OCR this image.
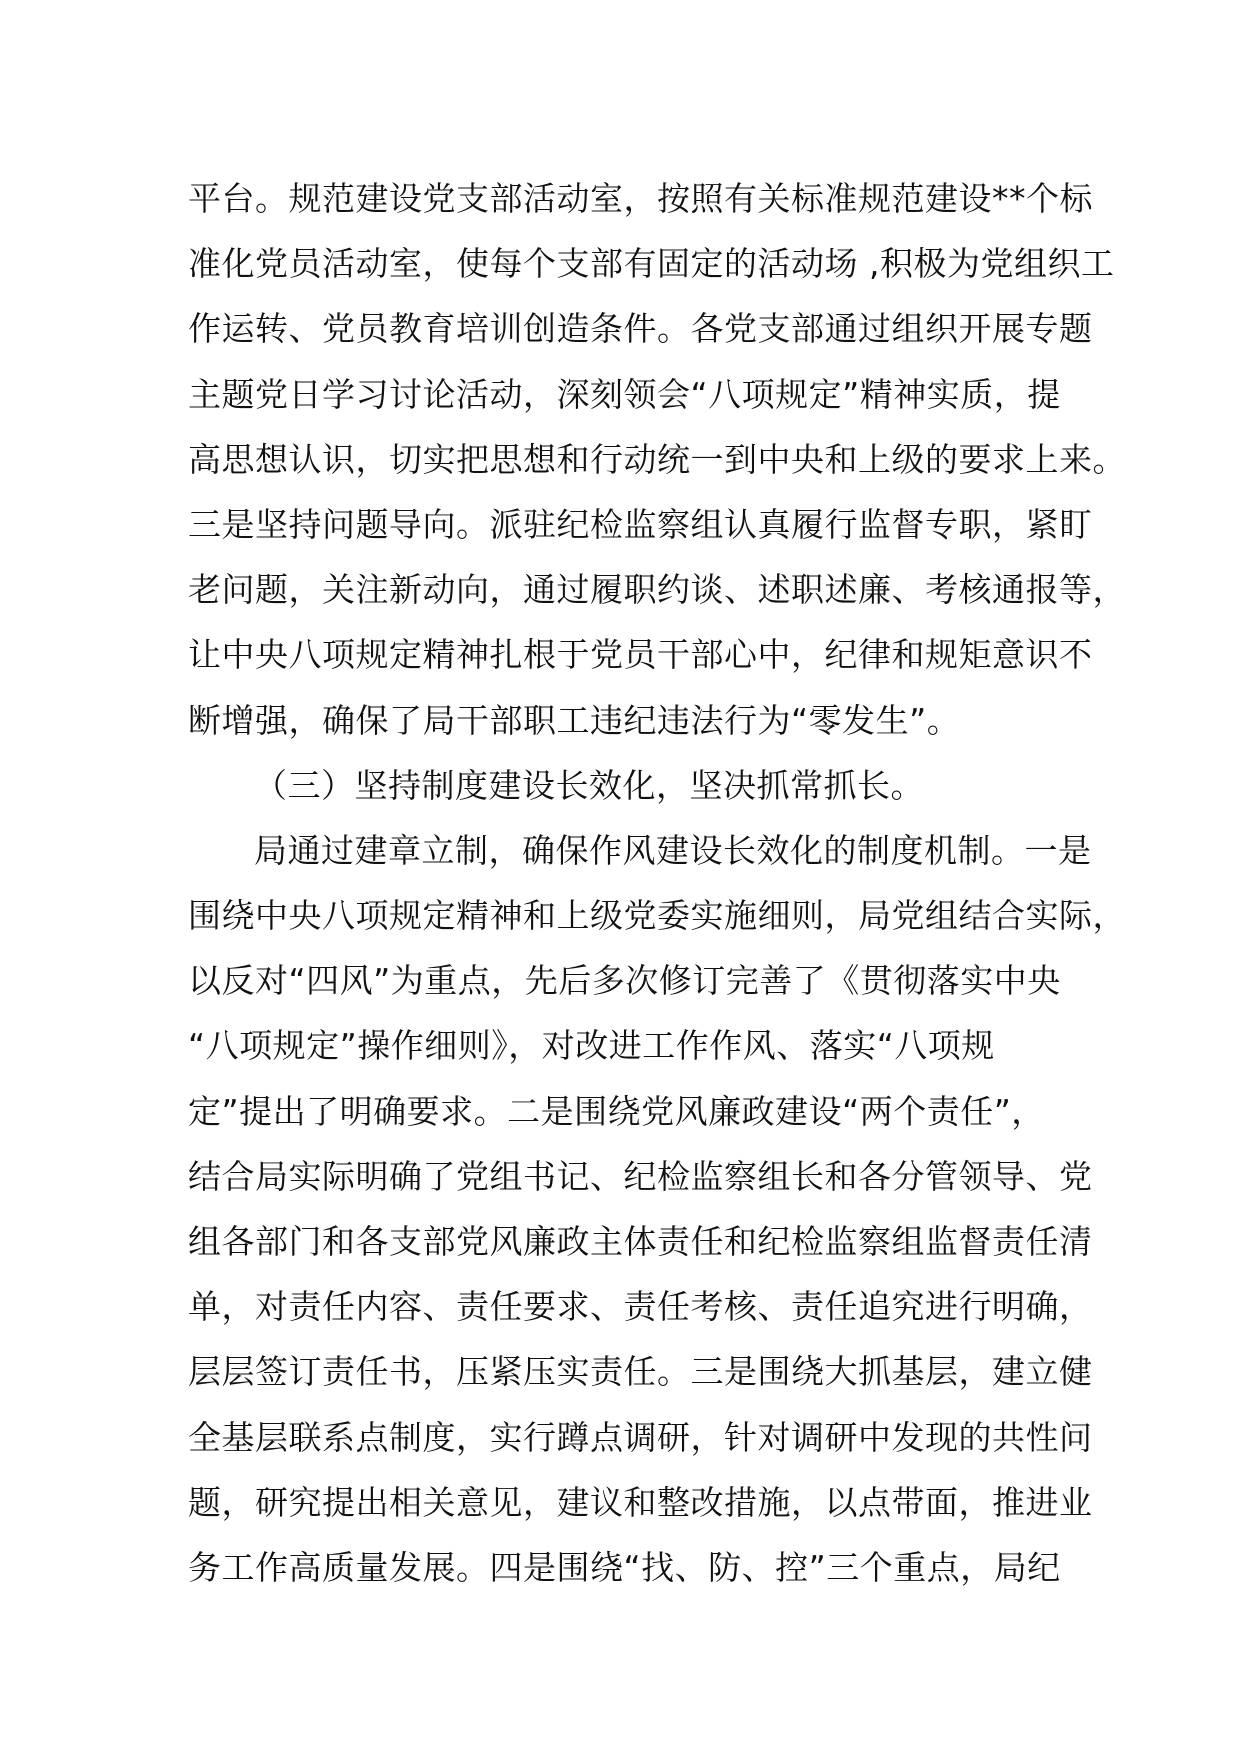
平台。规范建设党支部活动室，按照有关标准规范建设**个标
准化党员活动室，使每个支部有固定的活动场 ,积极为党组织工
作运转、党员教育培训创造条件。各党支部通过组织开展专题
主题党日学习讨论活动，深刻领会“八项规定”精神实质，提
高思想认识，切实把思想和行动统一到中央和上级的要求上来。
三是坚持问题导向。派驻纪检监察组认真履行监督专职，紧盯
老问题，关注新动向，通过履职约谈、述职述廉、考核通报等，
让中央八项规定精神扎根于党员干部心中，纪律和规矩意识不
断增强，确保了局干部职工违纪违法行为“零发生”。
（三）坚持制度建设长效化，坚决抓常抓长。
局通过建章立制，确保作风建设长效化的制度机制。一是
围绕中央八项规定精神和上级党委实施细则，局党组结合实际，
以反对“四风”为重点，先后多次修订完善了《贯彻落实中央
“八项规定”操作细则》，对改进工作作风、落实“八项规
定”提出了明确要求。二是围绕党风廉政建设“两个责任”，
结合局实际明确了党组书记、纪检监察组长和各分管领导、党
组各部门和各支部党风廉政主体责任和纪检监察组监督责任清
单，对责任内容、责任要求、责任考核、责任追究进行明确，
层层签订责任书，压紧压实责任。三是围绕大抓基层，建立健
全基层联系点制度，实行蹲点调研，针对调研中发现的共性问
题，研究提出相关意见，建议和整改措施，以点带面，推进业
务工作高质量发展。四是围绕“找、防、控”三个重点，局纪
